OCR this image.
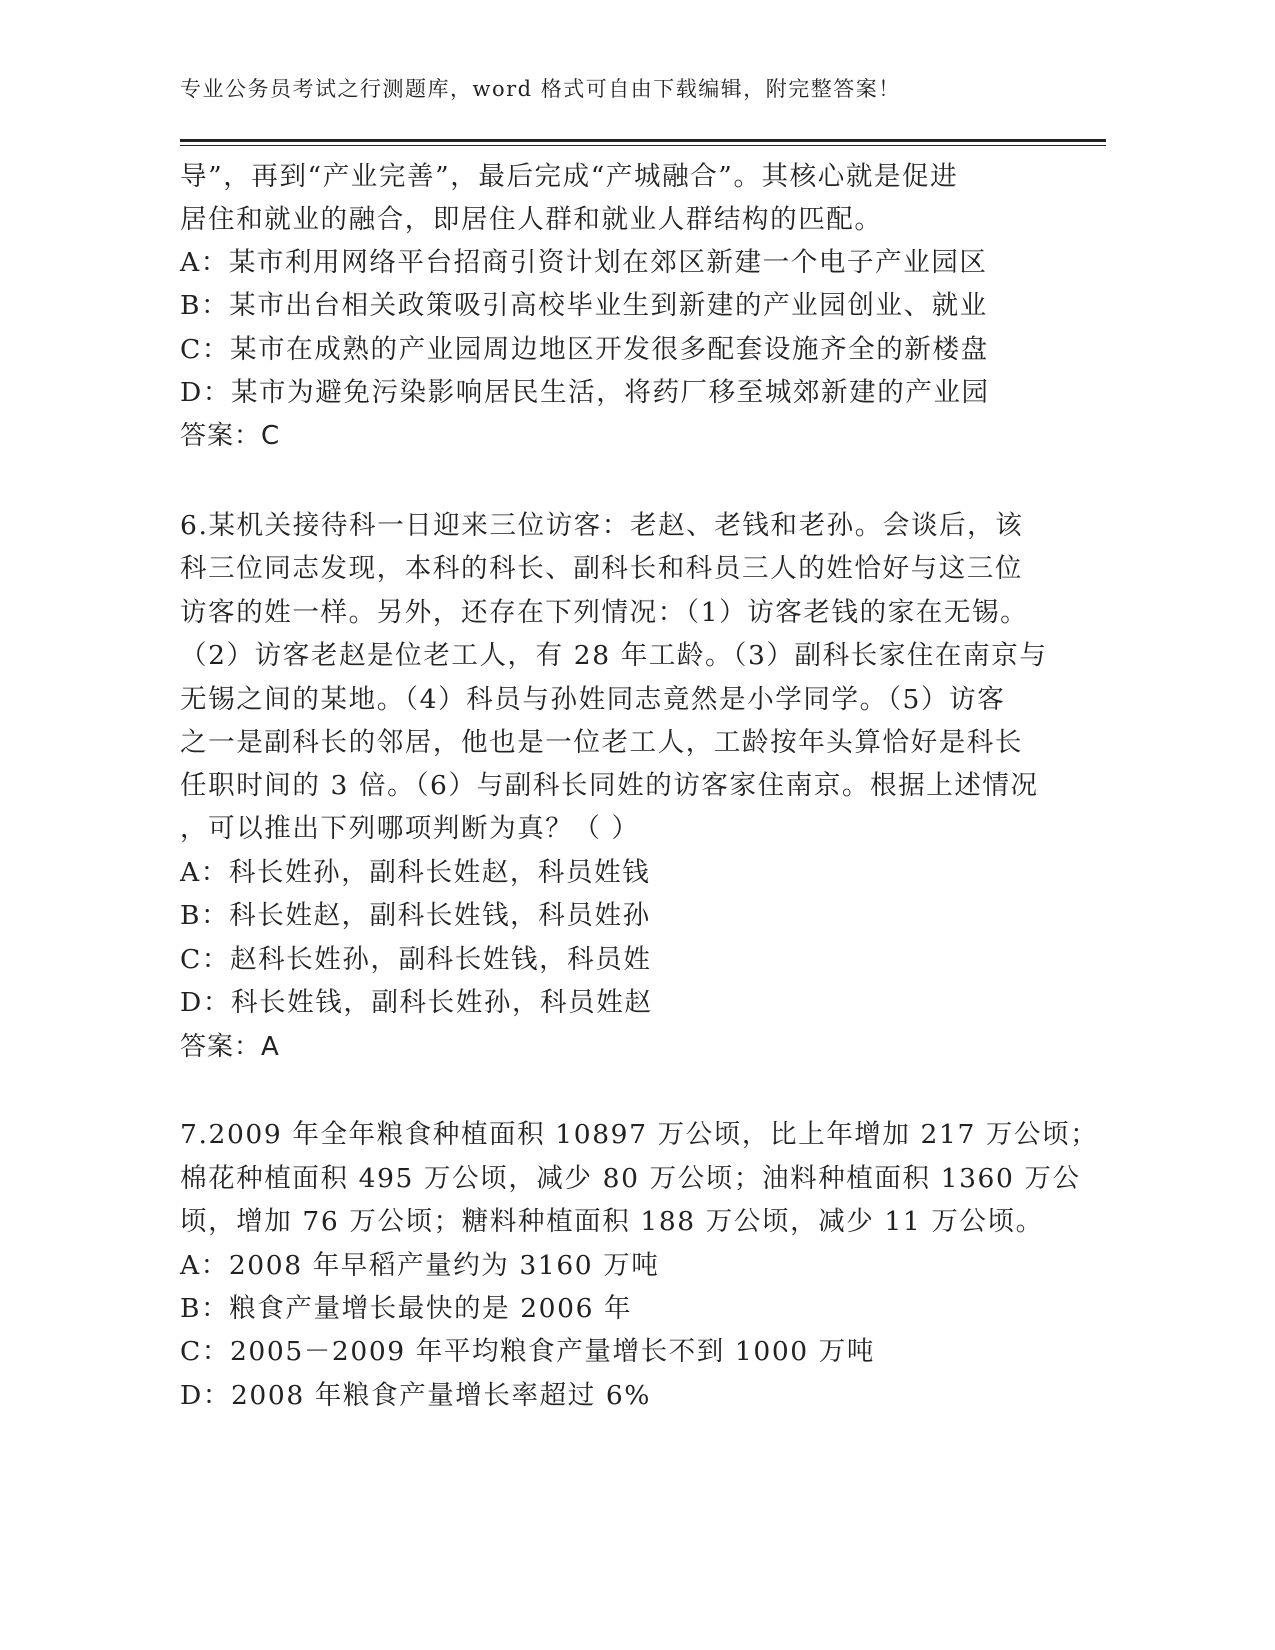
专业公务员考试之行测题库，word 格式可自由下载编辑，附完整答案！
导”，再到“产业完善”，最后完成“产城融合”。其核心就是促进
居住和就业的融合，即居住人群和就业人群结构的匹配。
A：某市利用网络平台招商引资计划在郊区新建一个电子产业园区
B：某市出台相关政策吸引高校毕业生到新建的产业园创业、就业
C：某市在成熟的产业园周边地区开发很多配套设施齐全的新楼盘
D：某市为避免污染影响居民生活，将药厂移至城郊新建的产业园
答案：C
6.某机关接待科一日迎来三位访客：老赵、老钱和老孙。会谈后，该
科三位同志发现，本科的科长、副科长和科员三人的姓恰好与这三位
访客的姓一样。另外，还存在下列情况：（1）访客老钱的家在无锡。
（2）访客老赵是位老工人，有 28 年工龄。（3）副科长家住在南京与
无锡之间的某地。（4）科员与孙姓同志竟然是小学同学。（5）访客
之一是副科长的邻居，他也是一位老工人，工龄按年头算恰好是科长
任职时间的 3 倍。（6）与副科长同姓的访客家住南京。根据上述情况
，可以推出下列哪项判断为真？（ ）
A：科长姓孙，副科长姓赵，科员姓钱
B：科长姓赵，副科长姓钱，科员姓孙
C：赵科长姓孙，副科长姓钱，科员姓
D：科长姓钱，副科长姓孙，科员姓赵
答案：A
7.2009 年全年粮食种植面积 10897 万公顷，比上年增加 217 万公顷；
棉花种植面积 495 万公顷，减少 80 万公顷；油料种植面积 1360 万公
顷，增加 76 万公顷；糖料种植面积 188 万公顷，减少 11 万公顷。
A：2008 年早稻产量约为 3160 万吨
B：粮食产量增长最快的是 2006 年
C：2005－2009 年平均粮食产量增长不到 1000 万吨
D：2008 年粮食产量增长率超过 6%
